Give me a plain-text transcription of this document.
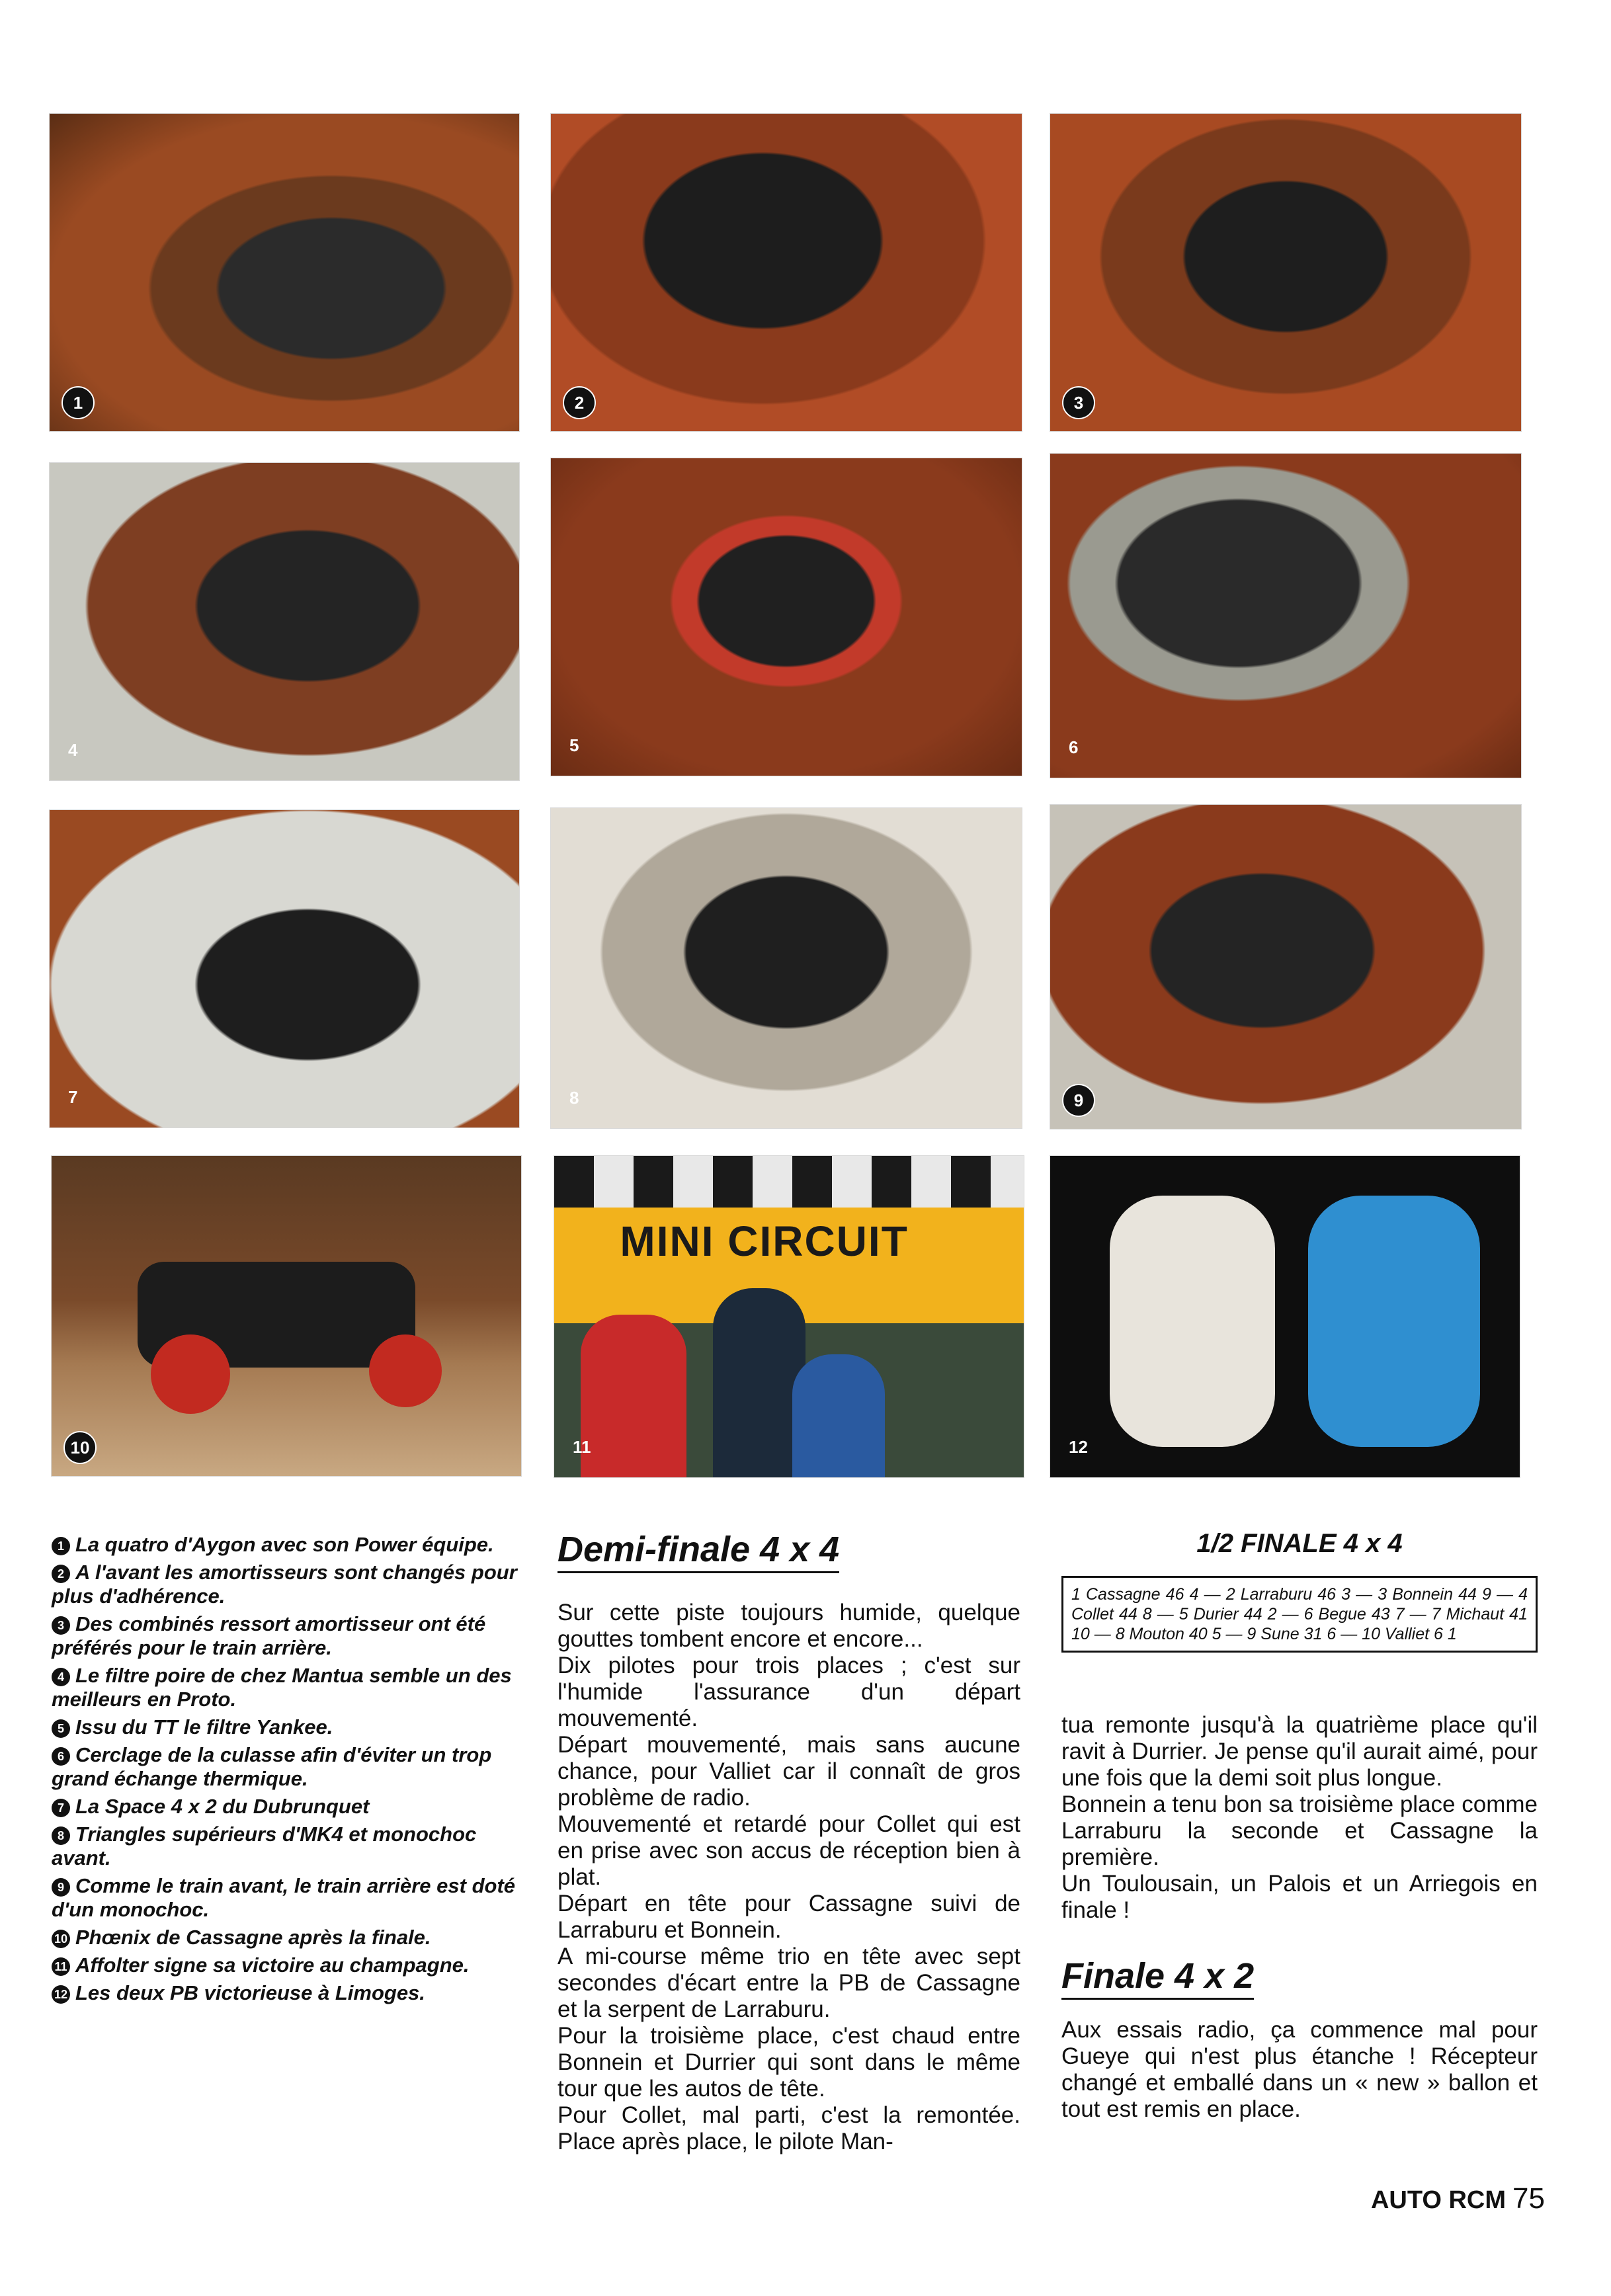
1	2	3
4	5	6
7	8	9
10
MINI CIRCUIT
11	12

1 La quatro d'Aygon avec son Power équipe.

2 A l'avant les amortisseurs sont changés pour plus d'adhérence.

3 Des combinés ressort amortisseur ont été préférés pour le train arrière.

4 Le filtre poire de chez Mantua semble un des meilleurs en Proto.

5 Issu du TT le filtre Yankee.

6 Cerclage de la culasse afin d'éviter un trop grand échange thermique.

7 La Space 4 x 2 du Dubrunquet

8 Triangles supérieurs d'MK4 et monochoc avant.

9 Comme le train avant, le train arrière est doté d'un monochoc.

10 Phœnix de Cassagne après la finale.

11 Affolter signe sa victoire au champagne.

12 Les deux PB victorieuse à Limoges.

Demi-finale 4 x 4

Sur cette piste toujours humide, quelque gouttes tombent encore et encore...

Dix pilotes pour trois places ; c'est sur l'humide l'assurance d'un départ mouvementé.

Départ mouvementé, mais sans aucune chance, pour Valliet car il connaît de gros problème de radio.

Mouvementé et retardé pour Collet qui est en prise avec son accus de réception bien à plat.

Départ en tête pour Cassagne suivi de Larraburu et Bonnein.

A mi-course même trio en tête avec sept secondes d'écart entre la PB de Cassagne et la serpent de Larraburu.

Pour la troisième place, c'est chaud entre Bonnein et Durrier qui sont dans le même tour que les autos de tête.

Pour Collet, mal parti, c'est la remontée. Place après place, le pilote Man-

1/2 FINALE 4 x 4
1 Cassagne 46 4 — 2 Larraburu 46 3 — 3 Bonnein 44 9 — 4 Collet 44 8 — 5 Durier 44 2 — 6 Begue 43 7 — 7 Michaut 41 10 — 8 Mouton 40 5 — 9 Sune 31 6 — 10 Valliet 6 1

tua remonte jusqu'à la quatrième place qu'il ravit à Durrier. Je pense qu'il aurait aimé, pour une fois que la demi soit plus longue.

Bonnein a tenu bon sa troisième place comme Larraburu la seconde et Cassagne la première.

Un Toulousain, un Palois et un Arriegois en finale !

Finale 4 x 2

Aux essais radio, ça commence mal pour Gueye qui n'est plus étanche ! Récepteur changé et emballé dans un « new » ballon et tout est remis en place.

AUTO RCM 75
